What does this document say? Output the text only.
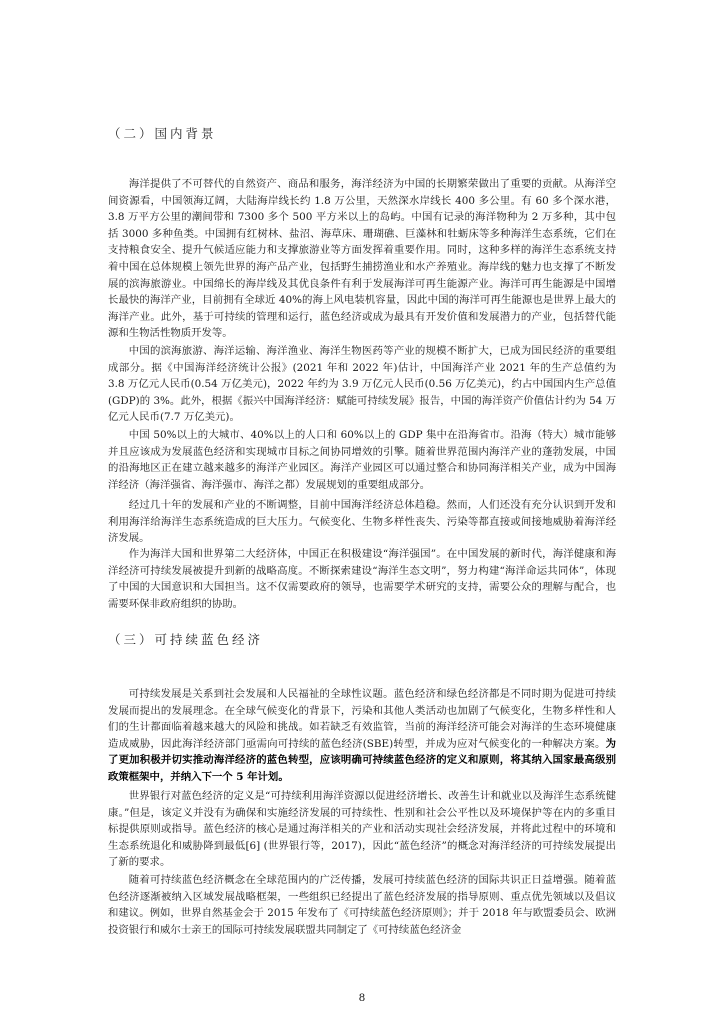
（二）国内背景

海洋提供了不可替代的自然资产、商品和服务，海洋经济为中国的长期繁荣做出了重要的贡献。从海洋空间资源看，中国领海辽阔，大陆海岸线长约 1.8 万公里，天然深水岸线长 400 多公里。有 60 多个深水港，3.8 万平方公里的潮间带和 7300 多个 500 平方米以上的岛屿。中国有记录的海洋物种为 2 万多种，其中包括 3000 多种鱼类。中国拥有红树林、盐沼、海草床、珊瑚礁、巨藻林和牡蛎床等多种海洋生态系统，它们在支持粮食安全、提升气候适应能力和支撑旅游业等方面发挥着重要作用。同时，这种多样的海洋生态系统支持着中国在总体规模上领先世界的海产品产业，包括野生捕捞渔业和水产养殖业。海岸线的魅力也支撑了不断发展的滨海旅游业。中国绵长的海岸线及其优良条件有利于发展海洋可再生能源产业。海洋可再生能源是中国增长最快的海洋产业，目前拥有全球近 40%的海上风电装机容量，因此中国的海洋可再生能源也是世界上最大的海洋产业。此外，基于可持续的管理和运行，蓝色经济或成为最具有开发价值和发展潜力的产业，包括替代能源和生物活性物质开发等。

中国的滨海旅游、海洋运输、海洋渔业、海洋生物医药等产业的规模不断扩大，已成为国民经济的重要组成部分。据《中国海洋经济统计公报》(2021 年和 2022 年)估计，中国海洋产业 2021 年的生产总值约为 3.8 万亿元人民币(0.54 万亿美元)，2022 年约为 3.9 万亿元人民币(0.56 万亿美元)，约占中国国内生产总值(GDP)的 3%。此外，根据《振兴中国海洋经济：赋能可持续发展》报告，中国的海洋资产价值估计约为 54 万亿元人民币(7.7 万亿美元)。

中国 50%以上的大城市、40%以上的人口和 60%以上的 GDP 集中在沿海省市。沿海（特大）城市能够并且应该成为发展蓝色经济和实现城市目标之间协同增效的引擎。随着世界范围内海洋产业的蓬勃发展，中国的沿海地区正在建立越来越多的海洋产业园区。海洋产业园区可以通过整合和协同海洋相关产业，成为中国海洋经济（海洋强省、海洋强市、海洋之都）发展规划的重要组成部分。

经过几十年的发展和产业的不断调整，目前中国海洋经济总体趋稳。然而，人们还没有充分认识到开发和利用海洋给海洋生态系统造成的巨大压力。气候变化、生物多样性丧失、污染等都直接或间接地威胁着海洋经济发展。

作为海洋大国和世界第二大经济体，中国正在积极建设“海洋强国”。在中国发展的新时代，海洋健康和海洋经济可持续发展被提升到新的战略高度。不断探索建设“海洋生态文明”，努力构建“海洋命运共同体”，体现了中国的大国意识和大国担当。这不仅需要政府的领导，也需要学术研究的支持，需要公众的理解与配合，也需要环保非政府组织的协助。

（三）可持续蓝色经济

可持续发展是关系到社会发展和人民福祉的全球性议题。蓝色经济和绿色经济都是不同时期为促进可持续发展而提出的发展理念。在全球气候变化的背景下，污染和其他人类活动也加剧了气候变化，生物多样性和人们的生计都面临着越来越大的风险和挑战。如若缺乏有效监管，当前的海洋经济可能会对海洋的生态环境健康造成威胁，因此海洋经济部门亟需向可持续的蓝色经济(SBE)转型，并成为应对气候变化的一种解决方案。为了更加积极并切实推动海洋经济的蓝色转型，应该明确可持续蓝色经济的定义和原则，将其纳入国家最高级别政策框架中，并纳入下一个 5 年计划。

世界银行对蓝色经济的定义是“可持续利用海洋资源以促进经济增长、改善生计和就业以及海洋生态系统健康。”但是，该定义并没有为确保和实施经济发展的可持续性、性别和社会公平性以及环境保护等在内的多重目标提供原则或指导。蓝色经济的核心是通过海洋相关的产业和活动实现社会经济发展，并将此过程中的环境和生态系统退化和威胁降到最低[6] (世界银行等，2017)，因此“蓝色经济”的概念对海洋经济的可持续发展提出了新的要求。

随着可持续蓝色经济概念在全球范围内的广泛传播，发展可持续蓝色经济的国际共识正日益增强。随着蓝色经济逐渐被纳入区域发展战略框架，一些组织已经提出了蓝色经济发展的指导原则、重点优先领域以及倡议和建议。例如，世界自然基金会于 2015 年发布了《可持续蓝色经济原则》；并于 2018 年与欧盟委员会、欧洲投资银行和威尔士亲王的国际可持续发展联盟共同制定了《可持续蓝色经济金

8
